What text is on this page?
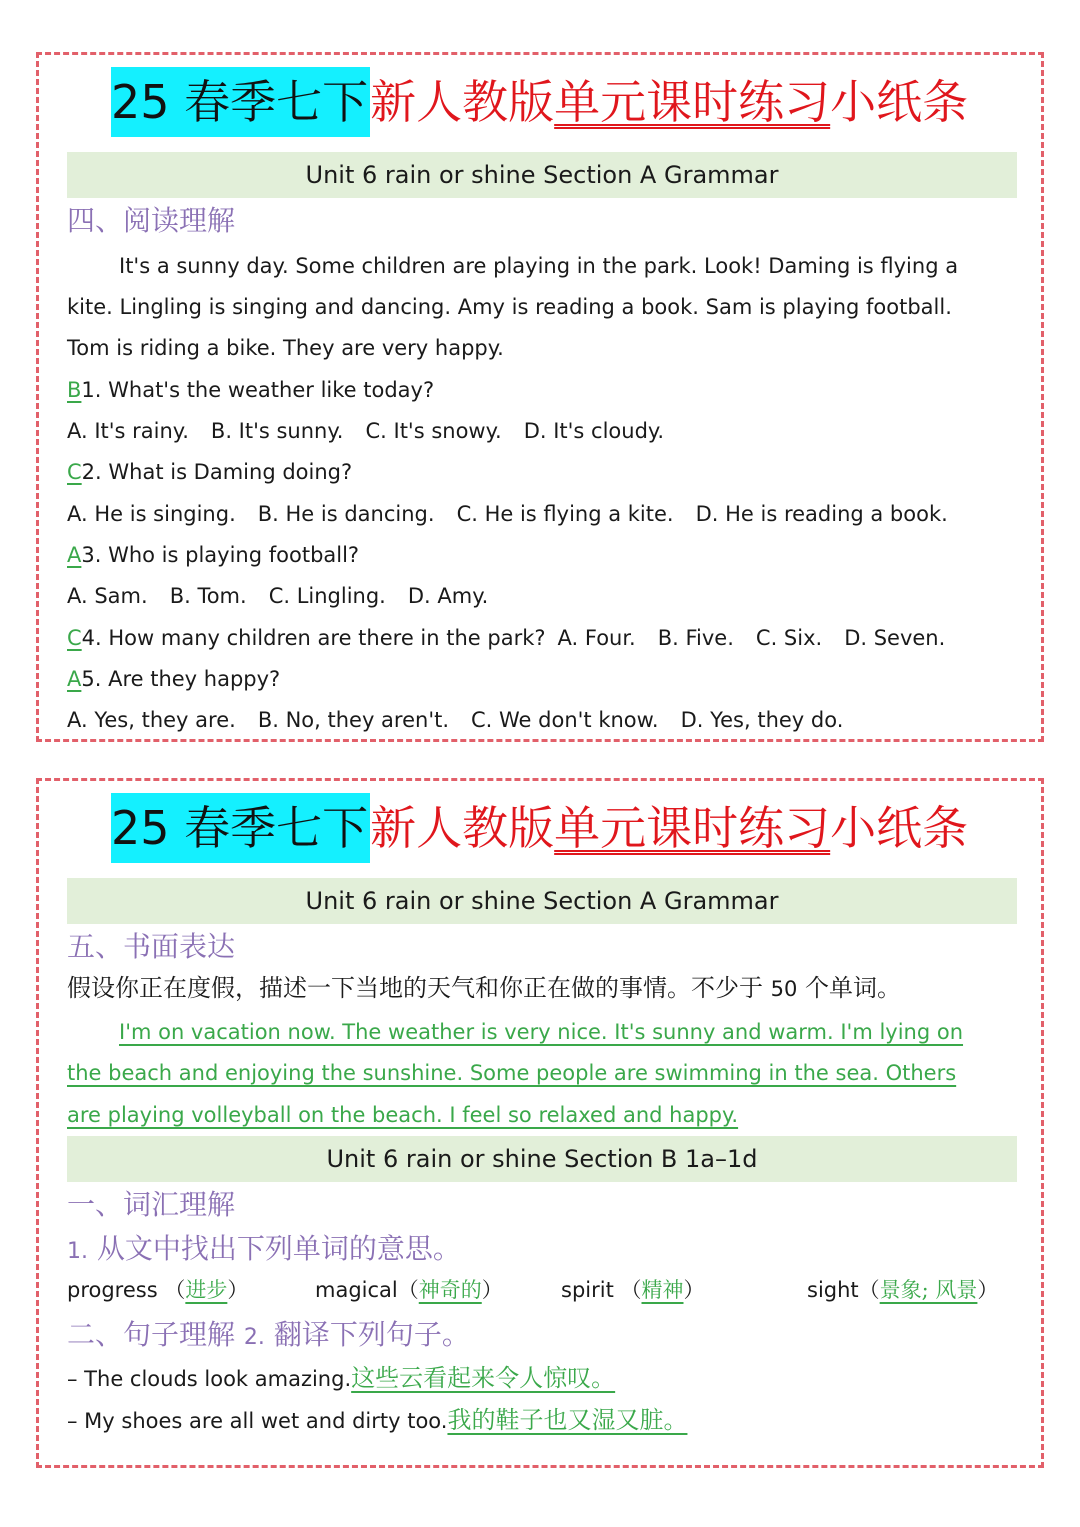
25 春季七下新人教版单元课时练习小纸条
Unit 6 rain or shine Section A Grammar
四、阅读理解
It's a sunny day. Some children are playing in the park. Look! Daming is flying a
kite. Lingling is singing and dancing. Amy is reading a book. Sam is playing football.
Tom is riding a bike. They are very happy.
B1. What's the weather like today?
A. It's rainy. B. It's sunny. C. It's snowy. D. It's cloudy.
C2. What is Daming doing?
A. He is singing. B. He is dancing. C. He is flying a kite. D. He is reading a book.
A3. Who is playing football?
A. Sam. B. Tom. C. Lingling. D. Amy.
C4. How many children are there in the park? A. Four. B. Five. C. Six. D. Seven.
A5. Are they happy?
A. Yes, they are. B. No, they aren't. C. We don't know. D. Yes, they do.
25 春季七下新人教版单元课时练习小纸条
Unit 6 rain or shine Section A Grammar
五、书面表达
假设你正在度假，描述一下当地的天气和你正在做的事情。不少于 50 个单词。
I'm on vacation now. The weather is very nice. It's sunny and warm. I'm lying on
the beach and enjoying the sunshine. Some people are swimming in the sea. Others
are playing volleyball on the beach. I feel so relaxed and happy.
Unit 6 rain or shine Section B 1a–1d
一、词汇理解
1. 从文中找出下列单词的意思。
progress （进步）	magical（神奇的）	spirit （精神）	sight（景象; 风景）
二、句子理解 2. 翻译下列句子。
– The clouds look amazing.这些云看起来令人惊叹。
– My shoes are all wet and dirty too.我的鞋子也又湿又脏。
